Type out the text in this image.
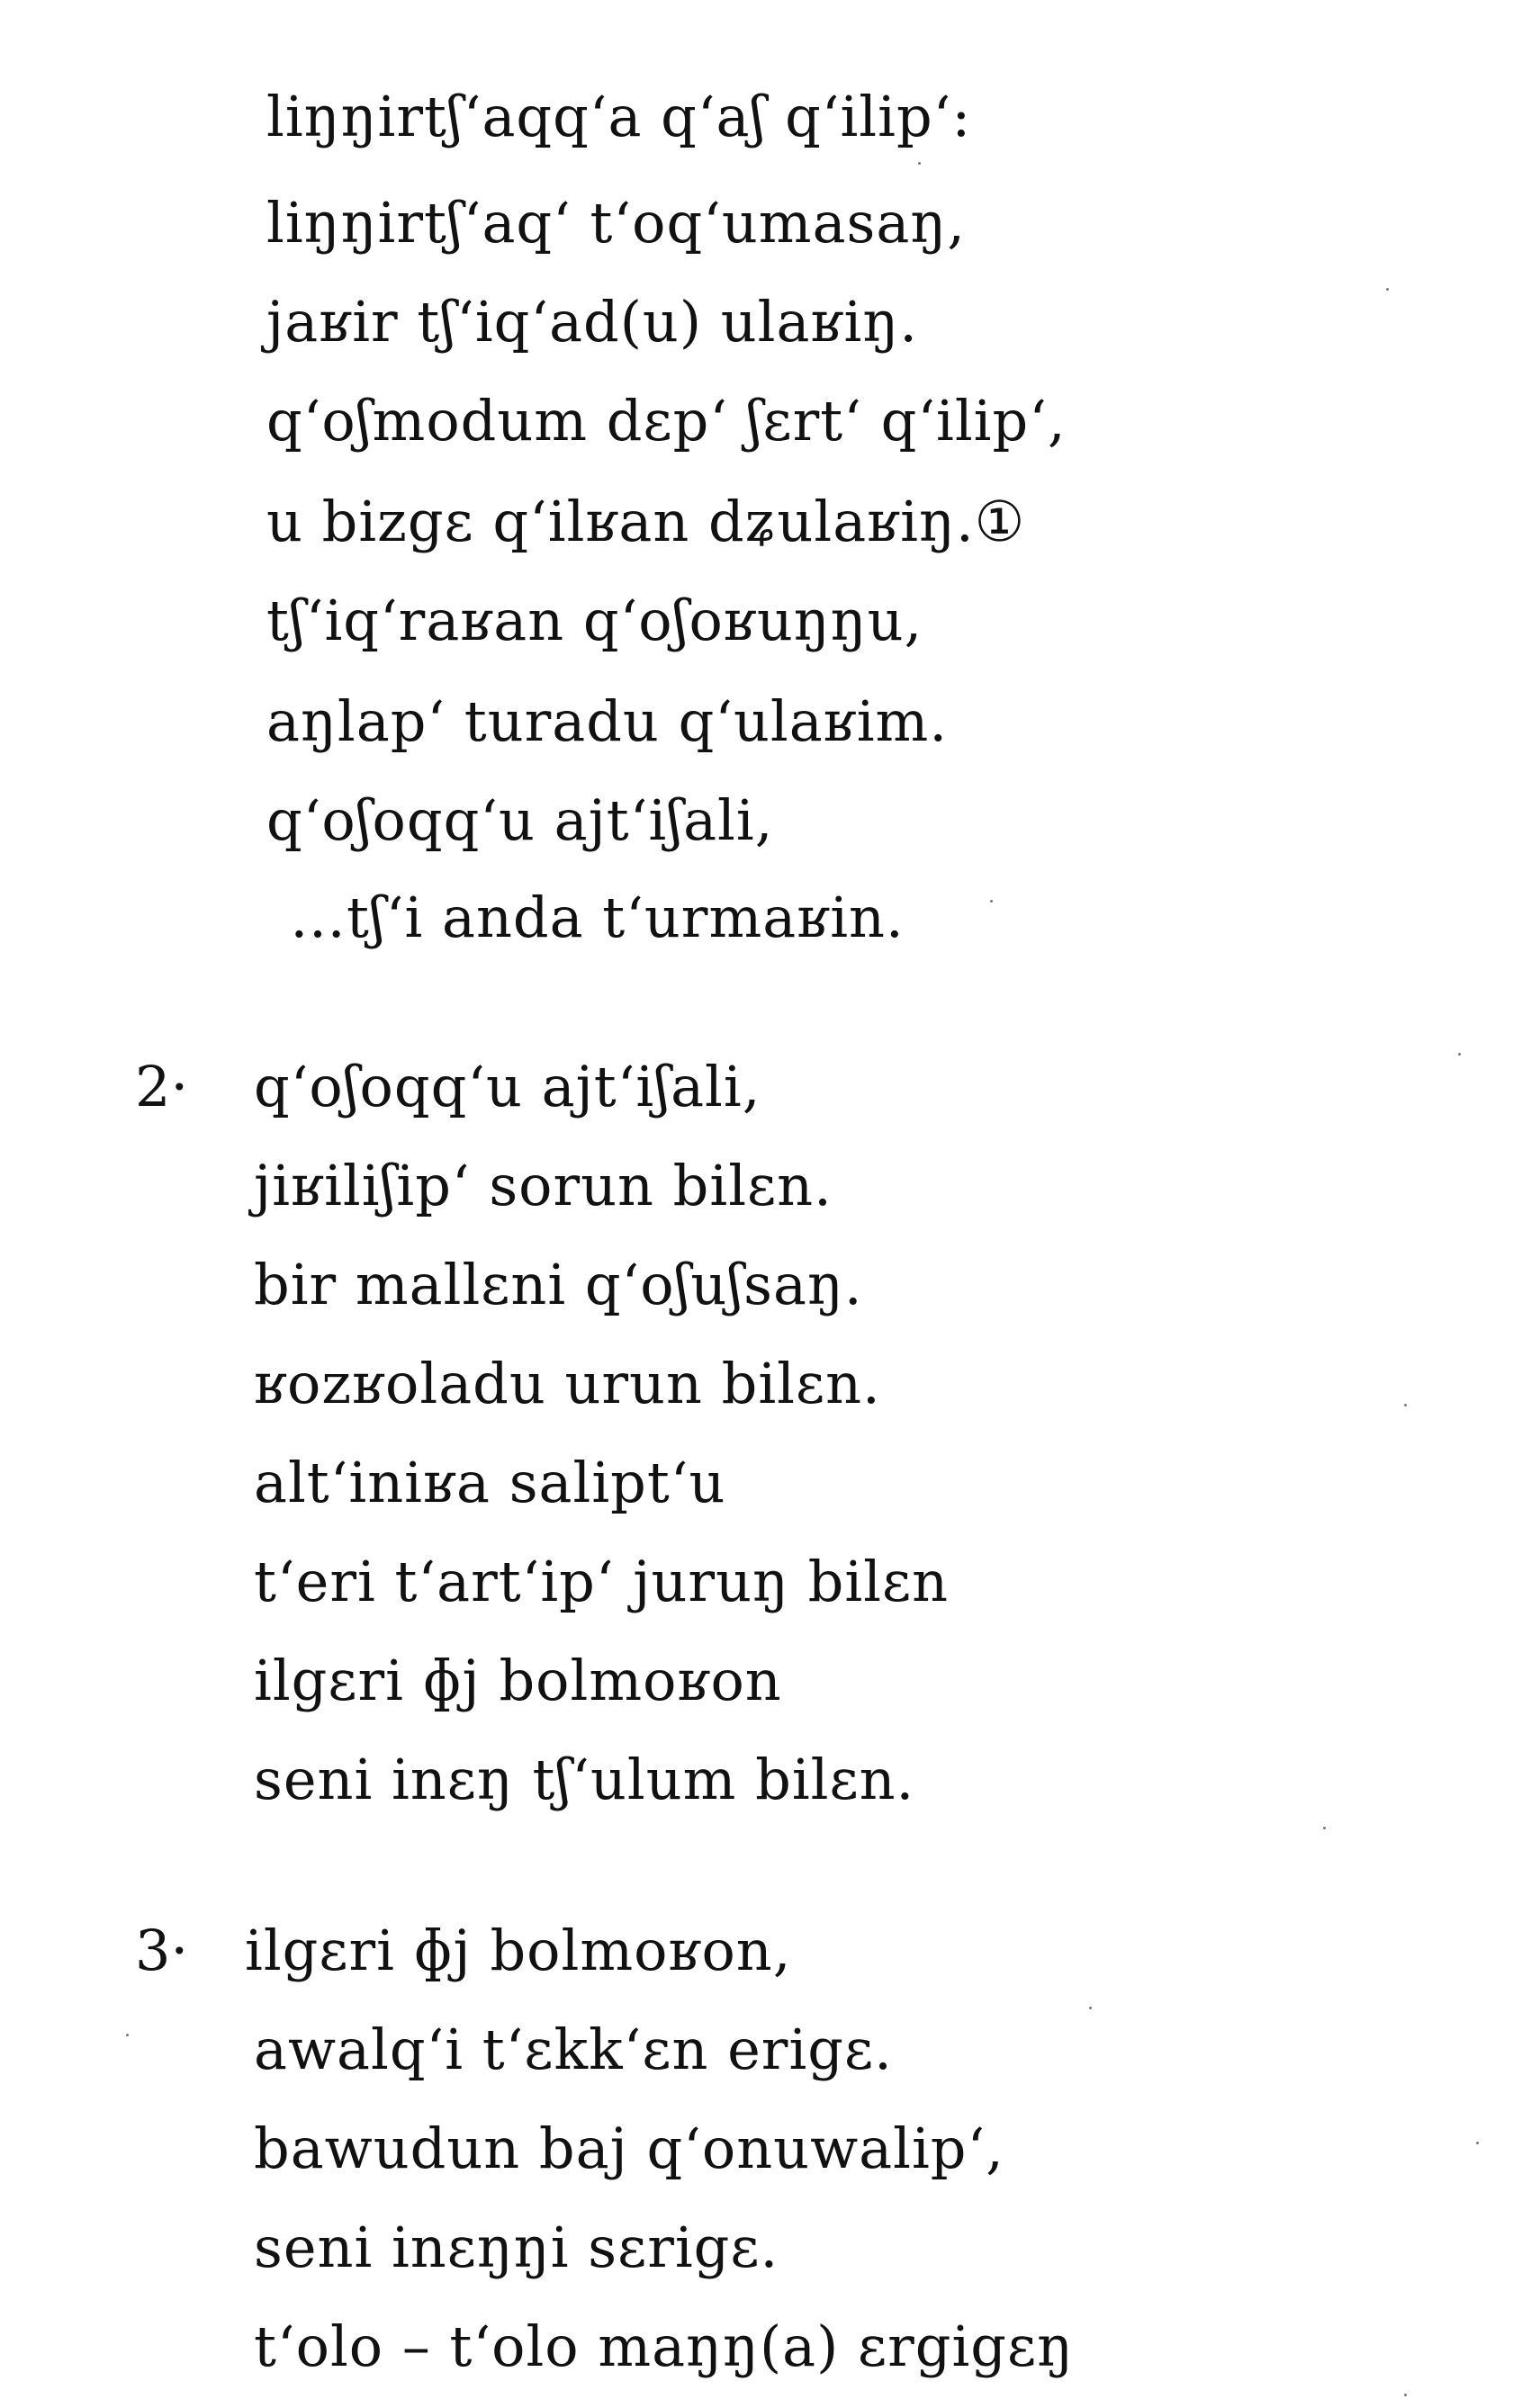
liŋŋirtʃʻaqqʻa qʻaʃ qʻilipʻ:
liŋŋirtʃʻaqʻ tʻoqʻumasaŋ,
jaʁir tʃʻiqʻad(u) ulaʁiŋ.
qʻoʃmodum dɛpʻ ʃɛrtʻ qʻilipʻ,
u bizgɛ qʻilʁan dʑulaʁiŋ.①
tʃʻiqʻraʁan qʻoʃoʁuŋŋu,
aŋlapʻ turadu qʻulaʁim.
qʻoʃoqqʻu ajtʻiʃali,
…tʃʻi anda tʻurmaʁin.
2· qʻoʃoqqʻu ajtʻiʃali,
jiʁiliʃipʻ sorun bilɛn.
bir mallɛni qʻoʃuʃsaŋ.
ʁozʁoladu urun bilɛn.
altʻiniʁa saliptʻu
tʻeri tʻartʻipʻ juruŋ bilɛn
ilgɛri ɸj bolmoʁon
seni inɛŋ tʃʻulum bilɛn.
3· ilgɛri ɸj bolmoʁon,
awalqʻi tʻɛkkʻɛn erigɛ.
bawudun baj qʻonuwalipʻ,
seni inɛŋŋi sɛrigɛ.
tʻolo – tʻolo maŋŋ(a) ɛrgigɛŋ
